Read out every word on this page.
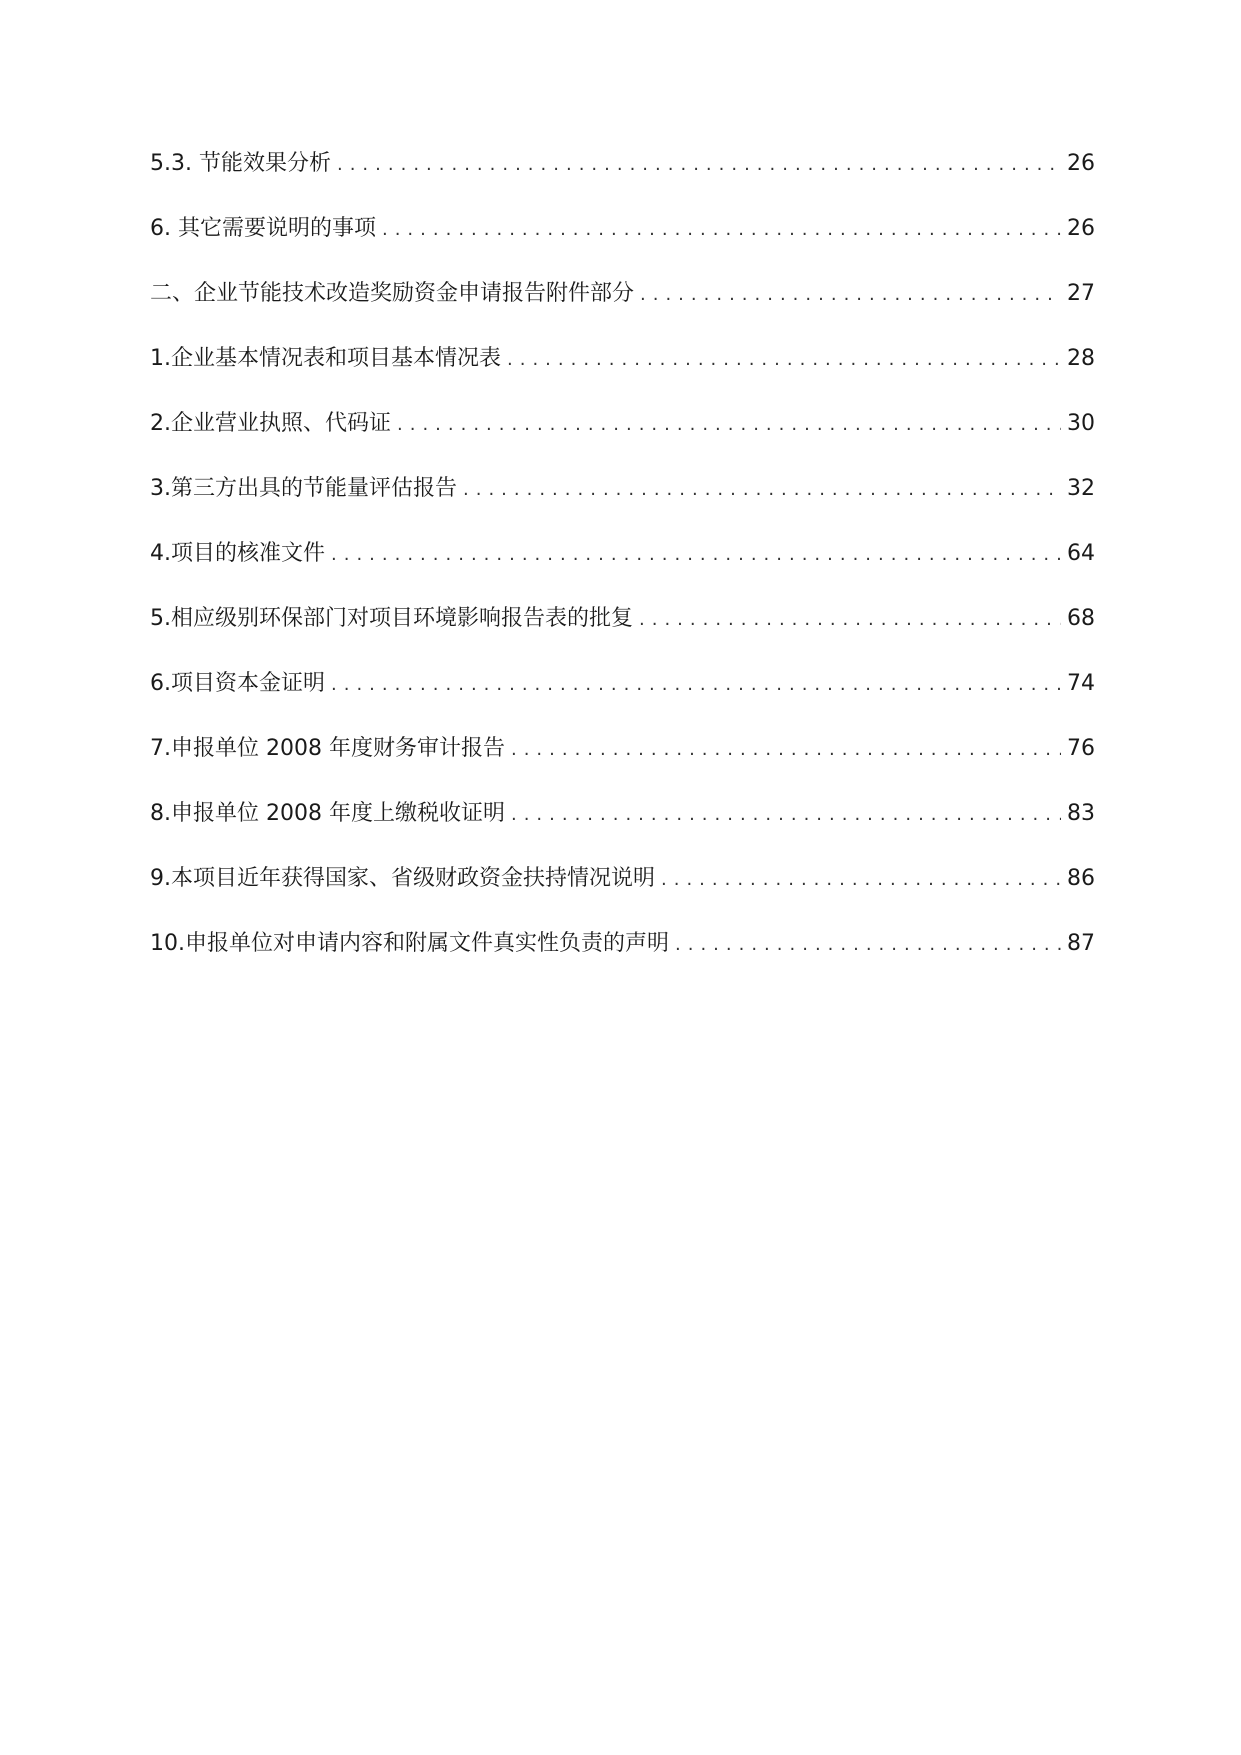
5.3. 节能效果分析 .....	26
6. 其它需要说明的事项 .....	26
二、企业节能技术改造奖励资金申请报告附件部分 .....	27
1.企业基本情况表和项目基本情况表 .....	28
2.企业营业执照、代码证 .....	30
3.第三方出具的节能量评估报告 .....	32
4.项目的核准文件 .....	64
5.相应级别环保部门对项目环境影响报告表的批复 .....	68
6.项目资本金证明 .....	74
7.申报单位 2008 年度财务审计报告 .....	76
8.申报单位 2008 年度上缴税收证明 .....	83
9.本项目近年获得国家、省级财政资金扶持情况说明 .....	86
10.申报单位对申请内容和附属文件真实性负责的声明 .....	87
